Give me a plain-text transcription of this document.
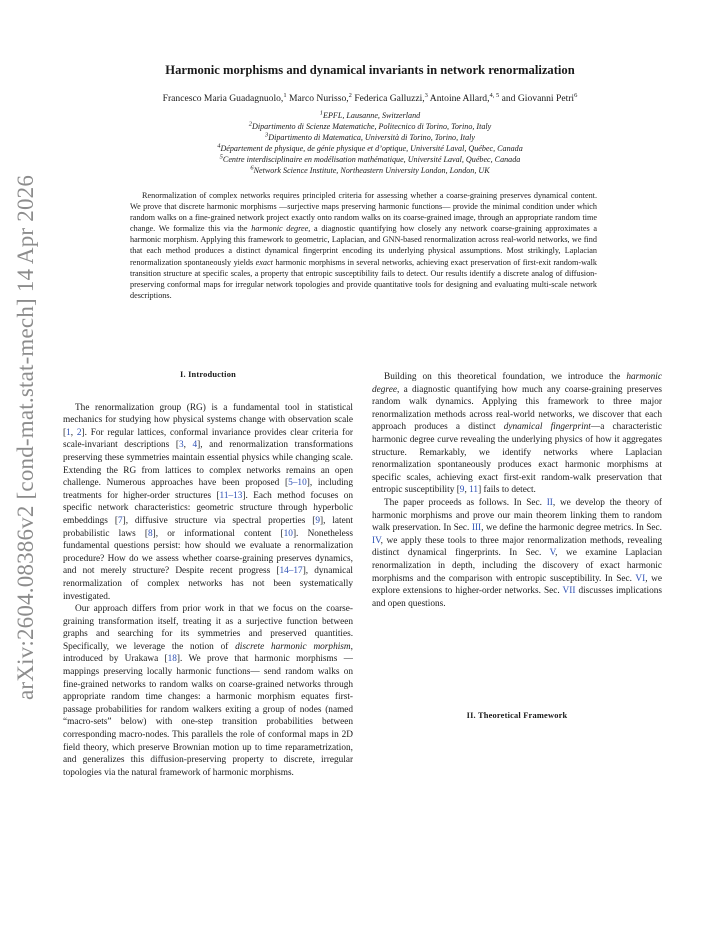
arXiv:2604.08386v2 [cond-mat.stat-mech] 14 Apr 2026
Harmonic morphisms and dynamical invariants in network renormalization
Francesco Maria Guadagnuolo,$^1$ Marco Nurisso,$^2$ Federica Galluzzi,$^3$ Antoine Allard,$^{4, 5}$ and Giovanni Petri$^6$
$^1$EPFL, Lausanne, Switzerland
$^2$Dipartimento di Scienze Matematiche, Politecnico di Torino, Torino, Italy
$^3$Dipartimento di Matematica, Università di Torino, Torino, Italy
$^4$Département de physique, de génie physique et d’optique, Université Laval, Québec, Canada
$^5$Centre interdisciplinaire en modélisation mathématique, Université Laval, Québec, Canada
$^6$Network Science Institute, Northeastern University London, London, UK

Renormalization of complex networks requires principled criteria for assessing whether a coarse-graining preserves dynamical content. We prove that discrete harmonic morphisms —surjective maps preserving harmonic functions— provide the minimal condition under which random walks on a fine-grained network project exactly onto random walks on its coarse-grained image, through an appropriate random time change. We formalize this via the harmonic degree, a diagnostic quantifying how closely any network coarse-graining approximates a harmonic morphism. Applying this framework to geometric, Laplacian, and GNN-based renormalization across real-world networks, we find that each method produces a distinct dynamical fingerprint encoding its underlying physical assumptions. Most strikingly, Laplacian renormalization spontaneously yields exact harmonic morphisms in several networks, achieving exact preservation of first-exit random-walk transition structure at specific scales, a property that entropic susceptibility fails to detect. Our results identify a discrete analog of diffusion-preserving conformal maps for irregular network topologies and provide quantitative tools for designing and evaluating multi-scale network descriptions.

I. Introduction

The renormalization group (RG) is a fundamental tool in statistical mechanics for studying how physical systems change with observation scale [1, 2]. For regular lattices, conformal invariance provides clear criteria for scale-invariant descriptions [3, 4], and renormalization transformations preserving these symmetries maintain essential physics while changing scale. Extending the RG from lattices to complex networks remains an open challenge. Numerous approaches have been proposed [5–10], including treatments for higher-order structures [11–13]. Each method focuses on specific network characteristics: geometric structure through hyperbolic embeddings [7], diffusive structure via spectral properties [9], latent probabilistic laws [8], or informational content [10]. Nonetheless fundamental questions persist: how should we evaluate a renormalization procedure? How do we assess whether coarse-graining preserves dynamics, and not merely structure? Despite recent progress [14–17], dynamical renormalization of complex networks has not been systematically investigated.

Our approach differs from prior work in that we focus on the coarse-graining transformation itself, treating it as a surjective function between graphs and searching for its symmetries and preserved quantities. Specifically, we leverage the notion of discrete harmonic morphism, introduced by Urakawa [18]. We prove that harmonic morphisms —mappings preserving locally harmonic functions— send random walks on fine-grained networks to random walks on coarse-grained networks through appropriate random time changes: a harmonic morphism equates first-passage probabilities for random walkers exiting a group of nodes (named “macro-sets” below) with one-step transition probabilities between corresponding macro-nodes. This parallels the role of conformal maps in 2D field theory, which preserve Brownian motion up to time reparametrization, and generalizes this diffusion-preserving property to discrete, irregular topologies via the natural framework of harmonic morphisms.

Building on this theoretical foundation, we introduce the harmonic degree, a diagnostic quantifying how much any coarse-graining preserves random walk dynamics. Applying this framework to three major renormalization methods across real-world networks, we discover that each approach produces a distinct dynamical fingerprint—a characteristic harmonic degree curve revealing the underlying physics of how it aggregates structure. Remarkably, we identify networks where Laplacian renormalization spontaneously produces exact harmonic morphisms at specific scales, achieving exact first-exit random-walk preservation that entropic susceptibility [9, 11] fails to detect.

The paper proceeds as follows. In Sec. II, we develop the theory of harmonic morphisms and prove our main theorem linking them to random walk preservation. In Sec. III, we define the harmonic degree metrics. In Sec. IV, we apply these tools to three major renormalization methods, revealing distinct dynamical fingerprints. In Sec. V, we examine Laplacian renormalization in depth, including the discovery of exact harmonic morphisms and the comparison with entropic susceptibility. In Sec. VI, we explore extensions to higher-order networks. Sec. VII discusses implications and open questions.

II. Theoretical Framework
